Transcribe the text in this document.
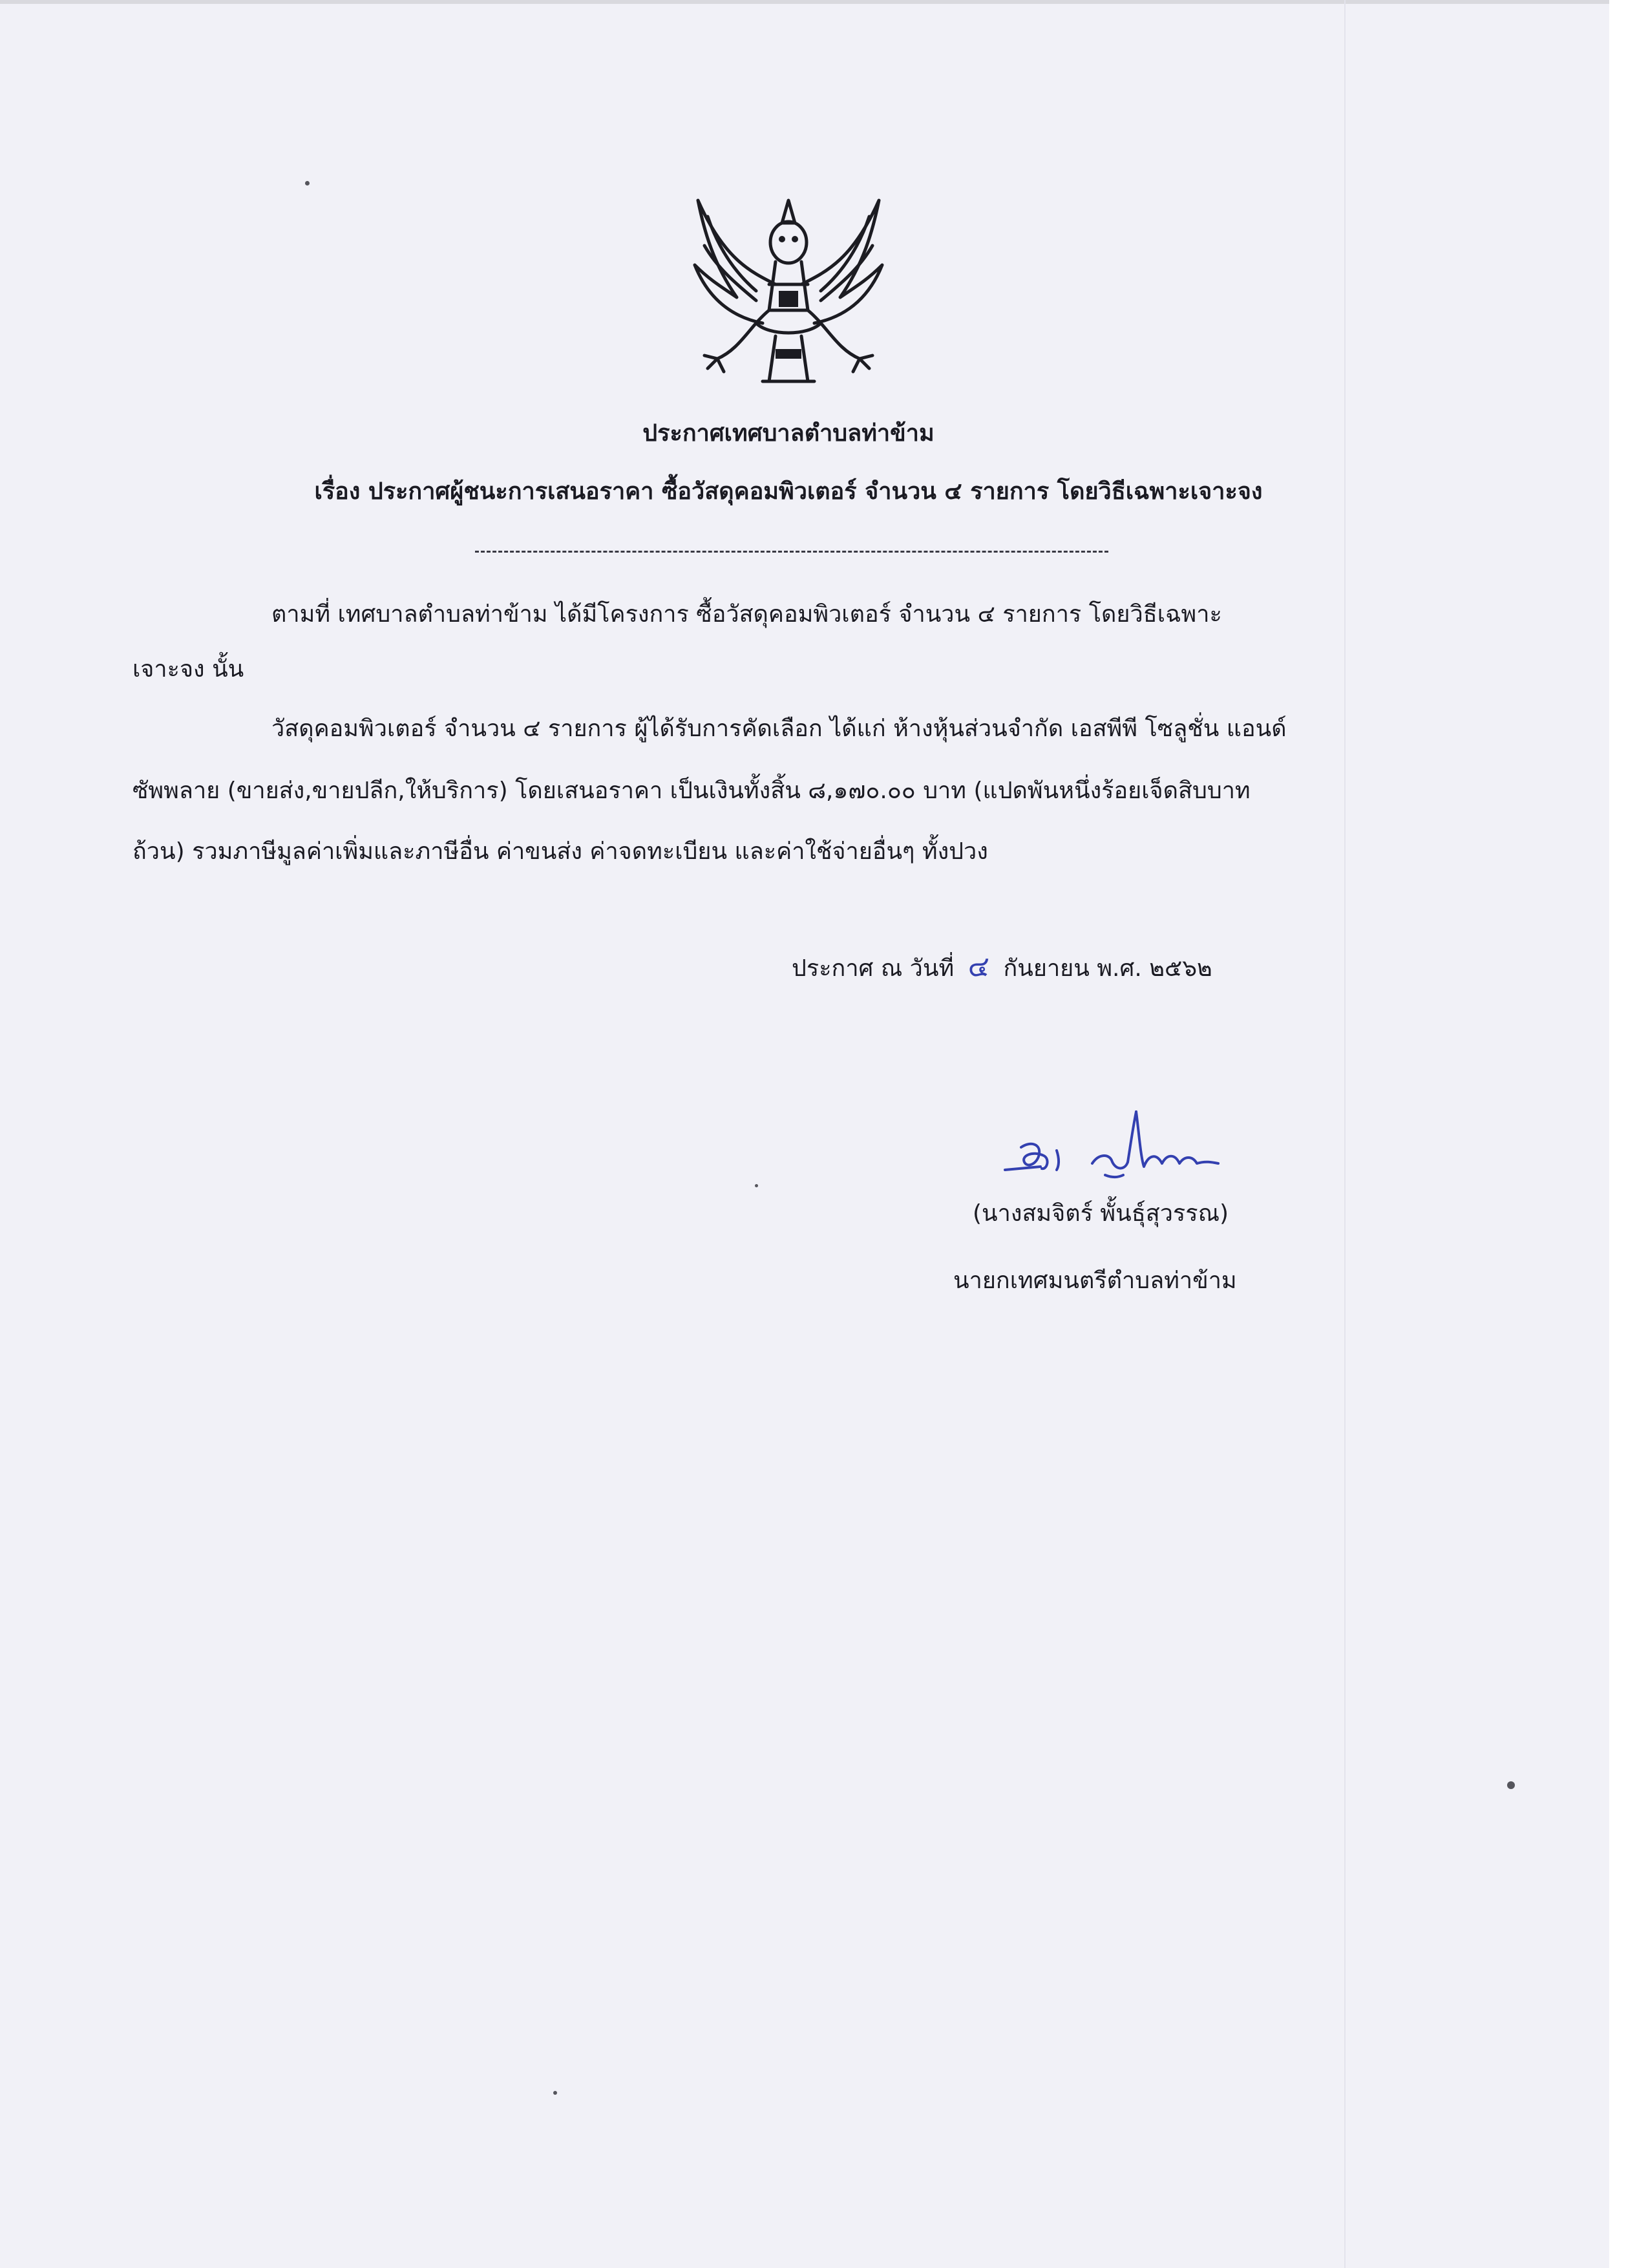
ประกาศเทศบาลตำบลท่าข้าม
เรื่อง ประกาศผู้ชนะการเสนอราคา ซื้อวัสดุคอมพิวเตอร์ จำนวน ๔ รายการ โดยวิธีเฉพาะเจาะจง
ตามที่ เทศบาลตำบลท่าข้าม ได้มีโครงการ ซื้อวัสดุคอมพิวเตอร์ จำนวน ๔ รายการ โดยวิธีเฉพาะ
เจาะจง นั้น
วัสดุคอมพิวเตอร์ จำนวน ๔ รายการ ผู้ได้รับการคัดเลือก ได้แก่ ห้างหุ้นส่วนจำกัด เอสพีพี โซลูชั่น แอนด์
ซัพพลาย (ขายส่ง,ขายปลีก,ให้บริการ) โดยเสนอราคา เป็นเงินทั้งสิ้น ๘,๑๗๐.๐๐ บาท (แปดพันหนึ่งร้อยเจ็ดสิบบาท
ถ้วน) รวมภาษีมูลค่าเพิ่มและภาษีอื่น ค่าขนส่ง ค่าจดทะเบียน และค่าใช้จ่ายอื่นๆ ทั้งปวง
ประกาศ ณ วันที่ ๔ กันยายน พ.ศ. ๒๕๖๒
(นางสมจิตร์ พั้นธุ์สุวรรณ)
นายกเทศมนตรีตำบลท่าข้าม
